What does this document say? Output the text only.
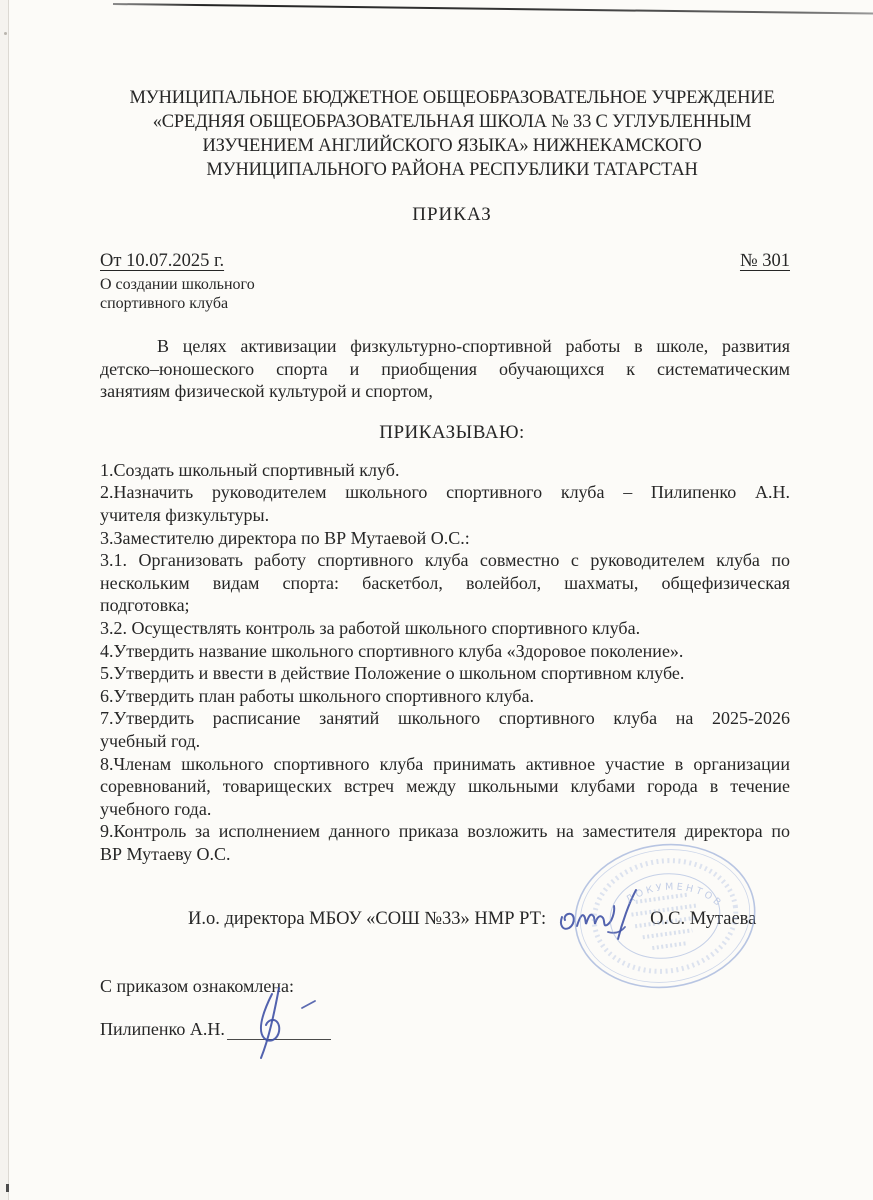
МУНИЦИПАЛЬНОЕ БЮДЖЕТНОЕ ОБЩЕОБРАЗОВАТЕЛЬНОЕ УЧРЕЖДЕНИЕ
«СРЕДНЯЯ ОБЩЕОБРАЗОВАТЕЛЬНАЯ ШКОЛА № 33 С УГЛУБЛЕННЫМ
ИЗУЧЕНИЕМ АНГЛИЙСКОГО ЯЗЫКА» НИЖНЕКАМСКОГО
МУНИЦИПАЛЬНОГО РАЙОНА РЕСПУБЛИКИ ТАТАРСТАН
ПРИКАЗ
От 10.07.2025 г.	№ 301
О создании школьного
спортивного клуба
В целях активизации физкультурно-спортивной работы в школе, развития
детско–юношеского спорта и приобщения обучающихся к систематическим
занятиям физической культурой и спортом,
ПРИКАЗЫВАЮ:
1.Создать школьный спортивный клуб.
2.Назначить руководителем школьного спортивного клуба – Пилипенко А.Н.
учителя физкультуры.
3.Заместителю директора по ВР Мутаевой О.С.:
3.1. Организовать работу спортивного клуба совместно с руководителем клуба по
нескольким видам спорта: баскетбол, волейбол, шахматы, общефизическая
подготовка;
3.2. Осуществлять контроль за работой школьного спортивного клуба.
4.Утвердить название школьного спортивного клуба «Здоровое поколение».
5.Утвердить и ввести в действие Положение о школьном спортивном клубе.
6.Утвердить план работы школьного спортивного клуба.
7.Утвердить расписание занятий школьного спортивного клуба на 2025-2026
учебный год.
8.Членам школьного спортивного клуба принимать активное участие в организации
соревнований, товарищеских встреч между школьными клубами города в течение
учебного года.
9.Контроль за исполнением данного приказа возложить на заместителя директора по
ВР Мутаеву О.С.
И.о. директора МБОУ «СОШ №33» НМР РТ:	О.С. Мутаева
С приказом ознакомлена:
Пилипенко А.Н.
ДОКУМЕНТОВ
